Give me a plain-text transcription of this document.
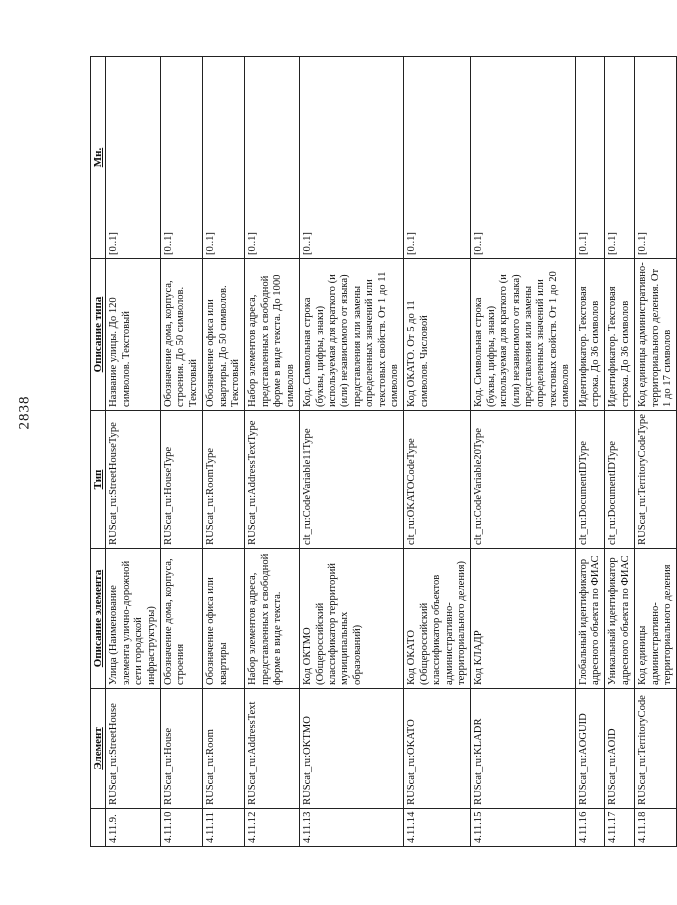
2838
	Элемент	Описание элемента	Тип	Описание типа	Мн.
4.11.9.	RUScat_ru:StreetHouse	Улица (Наименование элемента улично-дорожной сети городской инфраструктуры)	RUScat_ru:StreetHouseType	Название улицы. До 120 символов. Текстовый	[0..1]
4.11.10	RUScat_ru:House	Обозначение дома, корпуса, строения	RUScat_ru:HouseType	Обозначение дома, корпуса, строения. До 50 символов. Текстовый	[0..1]
4.11.11	RUScat_ru:Room	Обозначение офиса или квартиры	RUScat_ru:RoomType	Обозначение офиса или квартиры. До 50 символов. Текстовый	[0..1]
4.11.12	RUScat_ru:AddressText	Набор элементов адреса, представленных в свободной форме в виде текста.	RUScat_ru:AddressTextType	Набор элементов адреса, представленных в свободной форме в виде текста. До 1000 символов	[0..1]
4.11.13	RUScat_ru:OKTMO	Код ОКТМО (Общероссийский классификатор территорий муниципальных образований)	clt_ru:CodeVariable11Type	Код. Символьная строка (буквы, цифры, знаки) используемая для краткого (и (или) независимого от языка) представления или замены определенных значений или текстовых свойств. От 1 до 11 символов	[0..1]
4.11.14	RUScat_ru:OKATO	Код ОКАТО (Общероссийский классификатор объектов административно-территориального деления)	clt_ru:OKATOCodeType	Код ОКАТО. От 5 до 11 символов. Числовой	[0..1]
4.11.15	RUScat_ru:KLADR	Код КЛАДР	clt_ru:CodeVariable20Type	Код. Символьная строка (буквы, цифры, знаки) используемая для краткого (и (или) независимого от языка) представления или замены определенных значений или текстовых свойств. От 1 до 20 символов	[0..1]
4.11.16	RUScat_ru:AOGUID	Глобальный идентификатор адресного объекта по ФИАС	clt_ru:DocumentIDType	Идентификатор. Текстовая строка. До 36 символов	[0..1]
4.11.17	RUScat_ru:AOID	Уникальный идентификатор адресного объекта по ФИАС	clt_ru:DocumentIDType	Идентификатор. Текстовая строка. До 36 символов	[0..1]
4.11.18	RUScat_ru:TerritoryCode	Код единицы административно-территориального деления	RUScat_ru:TerritoryCodeType	Код единицы административно-территориального деления. От 1 до 17 символов	[0..1]
